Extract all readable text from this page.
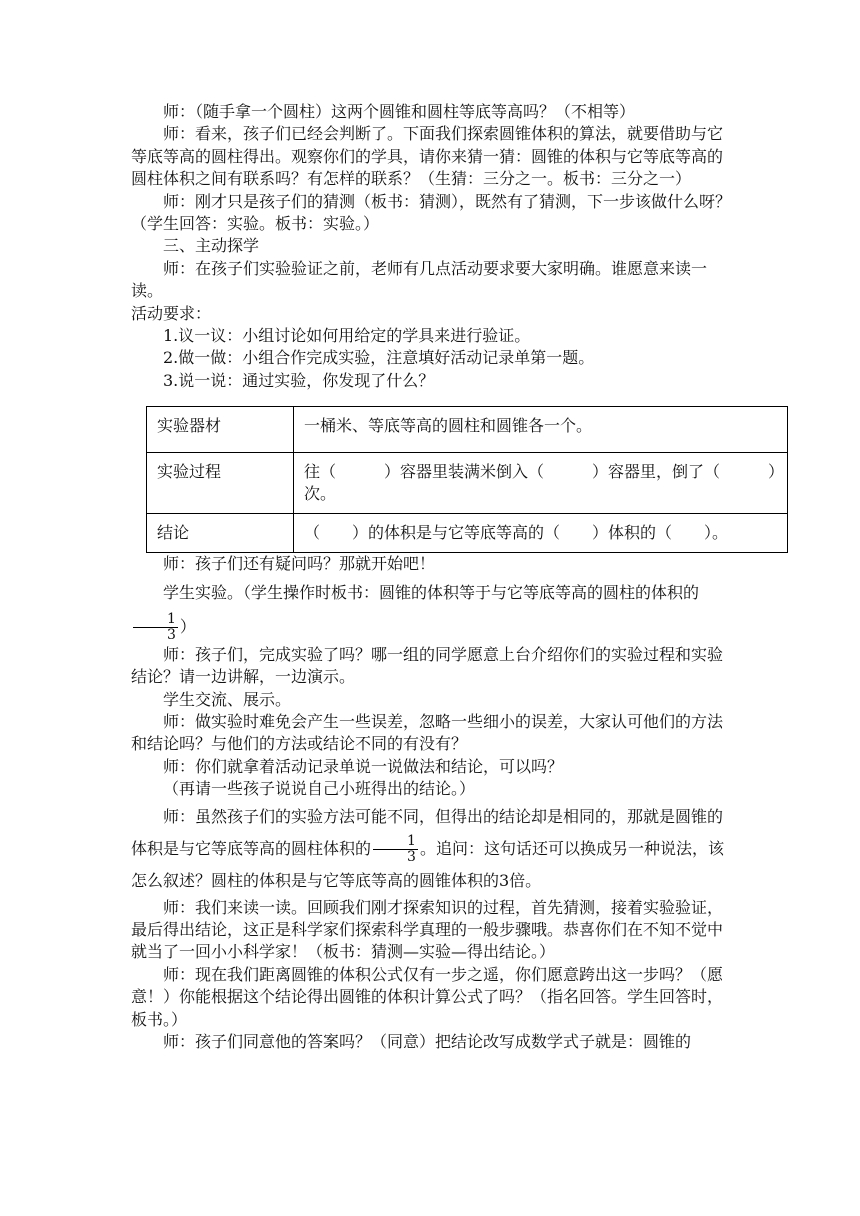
师：（随手拿一个圆柱）这两个圆锥和圆柱等底等高吗？（不相等）

师：看来，孩子们已经会判断了。下面我们探索圆锥体积的算法，就要借助与它等底等高的圆柱得出。观察你们的学具，请你来猜一猜：圆锥的体积与它等底等高的圆柱体积之间有联系吗？有怎样的联系？（生猜：三分之一。板书：三分之一）

师：刚才只是孩子们的猜测（板书：猜测），既然有了猜测，下一步该做什么呀？（学生回答：实验。板书：实验。）

三、主动探学

师：在孩子们实验验证之前，老师有几点活动要求要大家明确。谁愿意来读一读。

活动要求：

1.议一议：小组讨论如何用给定的学具来进行验证。

2.做一做：小组合作完成实验，注意填好活动记录单第一题。

3.说一说：通过实验，你发现了什么？

实验器材	一桶米、等底等高的圆柱和圆锥各一个。
实验过程	往（　　　）容器里装满米倒入（　　　）容器里，倒了（　　　）次。
结论	（　　）的体积是与它等底等高的（　　）体积的（　　）。

师：孩子们还有疑问吗？那就开始吧！

学生实验。（学生操作时板书：圆锥的体积等于与它等底等高的圆柱的体积的
$\frac{1}{3}$ ）

师：孩子们，完成实验了吗？哪一组的同学愿意上台介绍你们的实验过程和实验结论？请一边讲解，一边演示。

学生交流、展示。

师：做实验时难免会产生一些误差，忽略一些细小的误差，大家认可他们的方法和结论吗？与他们的方法或结论不同的有没有？

师：你们就拿着活动记录单说一说做法和结论，可以吗？

（再请一些孩子说说自己小班得出的结论。）

师：虽然孩子们的实验方法可能不同，但得出的结论却是相同的，那就是圆锥的体积是与它等底等高的圆柱体积的 $\frac{1}{3}$ 。追问：这句话还可以换成另一种说法，该怎么叙述？圆柱的体积是与它等底等高的圆锥体积的3倍。

师：我们来读一读。回顾我们刚才探索知识的过程，首先猜测，接着实验验证，最后得出结论，这正是科学家们探索科学真理的一般步骤哦。恭喜你们在不知不觉中就当了一回小小科学家！（板书：猜测—实验—得出结论。）

师：现在我们距离圆锥的体积公式仅有一步之遥，你们愿意跨出这一步吗？（愿意！）你能根据这个结论得出圆锥的体积计算公式了吗？（指名回答。学生回答时，板书。）

师：孩子们同意他的答案吗？（同意）把结论改写成数学式子就是：圆锥的
